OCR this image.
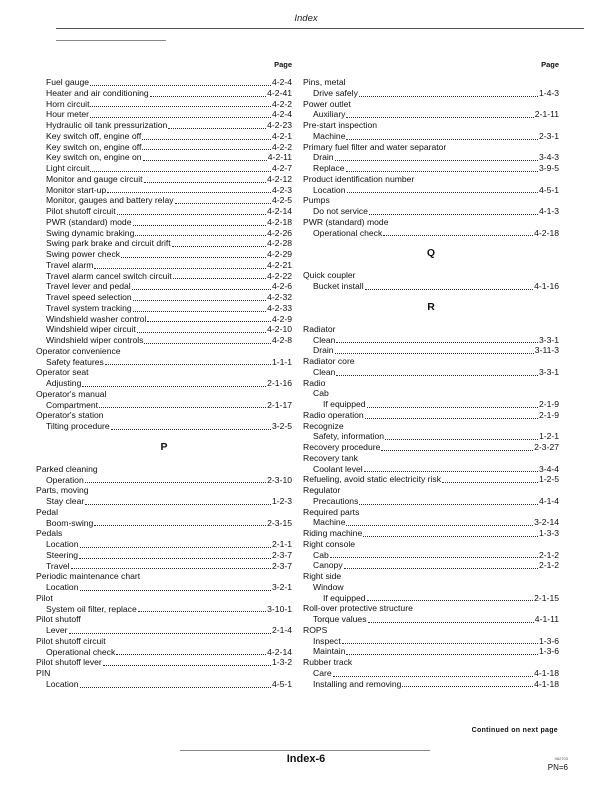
Index
Page
Fuel gauge	4-2-4
Heater and air conditioning	4-2-41
Horn circuit	4-2-2
Hour meter	4-2-4
Hydraulic oil tank pressurization	4-2-23
Key switch off, engine off	4-2-1
Key switch on, engine off	4-2-2
Key switch on, engine on	4-2-11
Light circuit	4-2-7
Monitor and gauge circuit	4-2-12
Monitor start-up	4-2-3
Monitor, gauges and battery relay	4-2-5
Pilot shutoff circuit	4-2-14
PWR (standard) mode	4-2-18
Swing dynamic braking	4-2-26
Swing park brake and circuit drift	4-2-28
Swing power check	4-2-29
Travel alarm	4-2-21
Travel alarm cancel switch circuit	4-2-22
Travel lever and pedal	4-2-6
Travel speed selection	4-2-32
Travel system tracking	4-2-33
Windshield washer control	4-2-9
Windshield wiper circuit	4-2-10
Windshield wiper controls	4-2-8
Operator convenience
Safety features	1-1-1
Operator seat
Adjusting	2-1-16
Operator's manual
Compartment	2-1-17
Operator's station
Tilting procedure	3-2-5
P
Parked cleaning
Operation	2-3-10
Parts, moving
Stay clear	1-2-3
Pedal
Boom-swing	2-3-15
Pedals
Location	2-1-1
Steering	2-3-7
Travel	2-3-7
Periodic maintenance chart
Location	3-2-1
Pilot
System oil filter, replace	3-10-1
Pilot shutoff
Lever	2-1-4
Pilot shutoff circuit
Operational check	4-2-14
Pilot shutoff lever	1-3-2
PIN
Location	4-5-1
Page
Pins, metal
Drive safely	1-4-3
Power outlet
Auxiliary	2-1-11
Pre-start inspection
Machine	2-3-1
Primary fuel filter and water separator
Drain	3-4-3
Replace	3-9-5
Product identification number
Location	4-5-1
Pumps
Do not service	4-1-3
PWR (standard) mode
Operational check	4-2-18
Q
Quick coupler
Bucket install	4-1-16
R
Radiator
Clean	3-3-1
Drain	3-11-3
Radiator core
Clean	3-3-1
Radio
Cab
If equipped	2-1-9
Radio operation	2-1-9
Recognize
Safety, information	1-2-1
Recovery procedure	2-3-27
Recovery tank
Coolant level	3-4-4
Refueling, avoid static electricity risk	1-2-5
Regulator
Precautions	4-1-4
Required parts
Machine	3-2-14
Riding machine	1-3-3
Right console
Cab	2-1-2
Canopy	2-1-2
Right side
Window
If equipped	2-1-15
Roll-over protective structure
Torque values	4-1-11
ROPS
Inspect	1-3-6
Maintain	1-3-6
Rubber track
Care	4-1-18
Installing and removing	4-1-18
Continued on next page
Index-6	062703
PN=6
